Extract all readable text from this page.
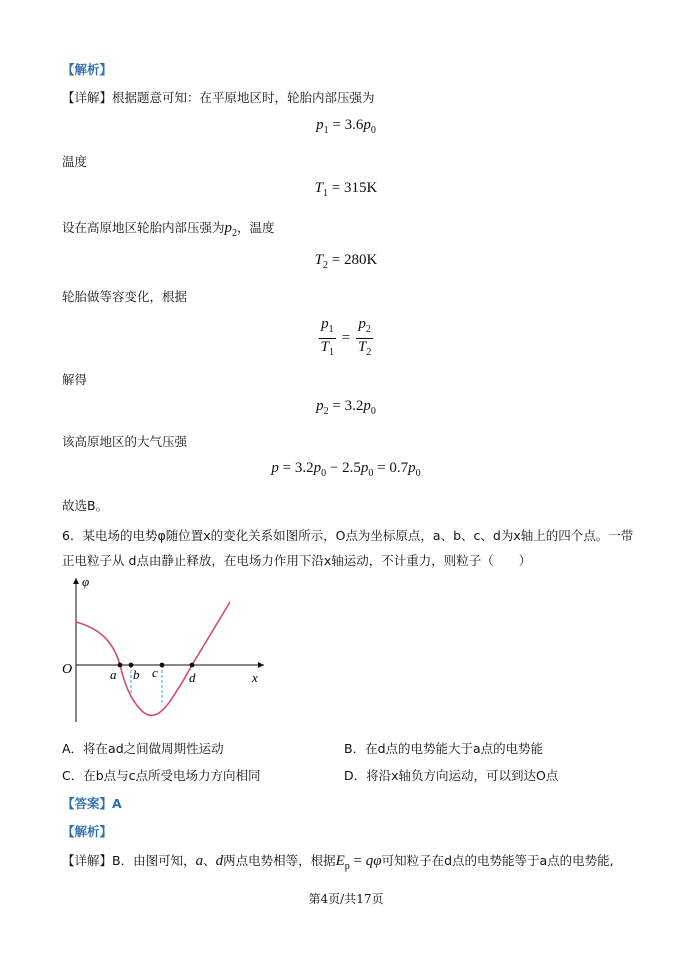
【解析】
【详解】根据题意可知：在平原地区时，轮胎内部压强为
$p_1 = 3.6p_0$
温度
$T_1 = 315K$
设在高原地区轮胎内部压强为$p_2$，温度
$T_2 = 280K$
轮胎做等容变化，根据
$\frac{p_1}{T_1} = \frac{p_2}{T_2}$
解得
$p_2 = 3.2p_0$
该高原地区的大气压强
$p = 3.2p_0 - 2.5p_0 = 0.7p_0$
故选B。
6．某电场的电势φ随位置x的变化关系如图所示，O点为坐标原点，a、b、c、d为x轴上的四个点。一带
正电粒子从 d点由静止释放，在电场力作用下沿x轴运动，不计重力，则粒子（　　）
φ
O	a b c d	x
A．将在ad之间做周期性运动	B．在d点的电势能大于a点的电势能
C．在b点与c点所受电场力方向相同	D．将沿x轴负方向运动，可以到达O点
【答案】A
【解析】
【详解】B．由图可知，a、d两点电势相等，根据$E_p = q\varphi$可知粒子在d点的电势能等于a点的电势能,
第4页/共17页
